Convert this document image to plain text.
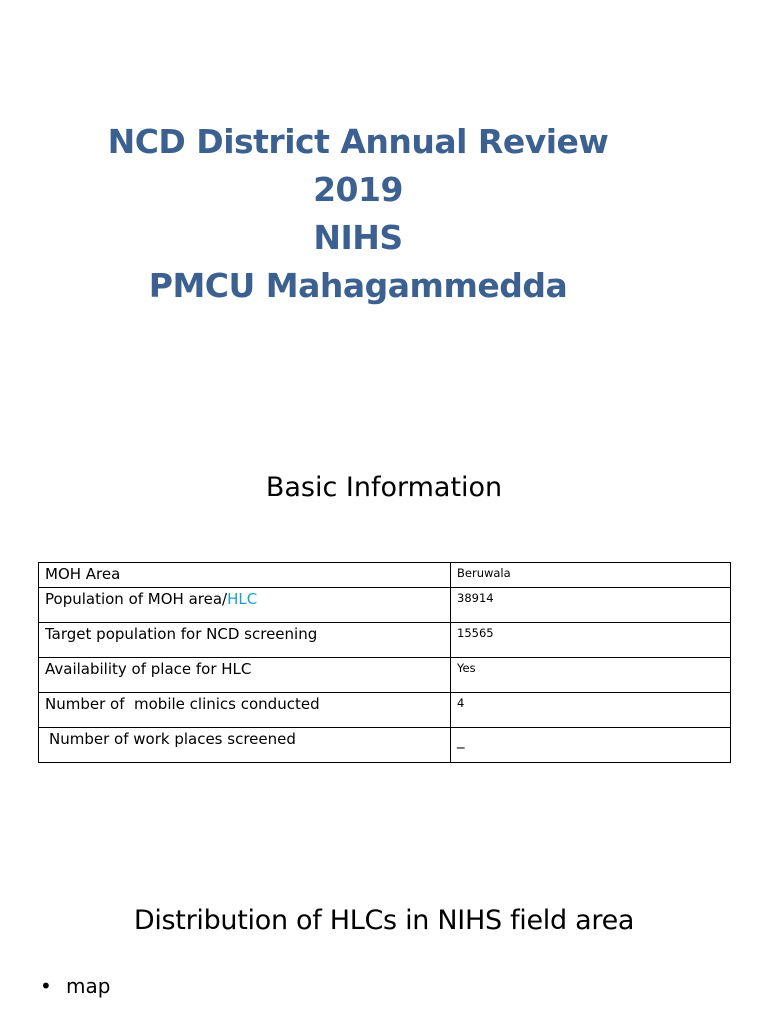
NCD District Annual Review
2019
NIHS
PMCU Mahagammedda
Basic Information
MOH Area	Beruwala
Population of MOH area/HLC	38914
Target population for NCD screening	15565
Availability of place for HLC	Yes
Number of  mobile clinics conducted	4
Number of work places screened	_
Distribution of HLCs in NIHS field area
• map
